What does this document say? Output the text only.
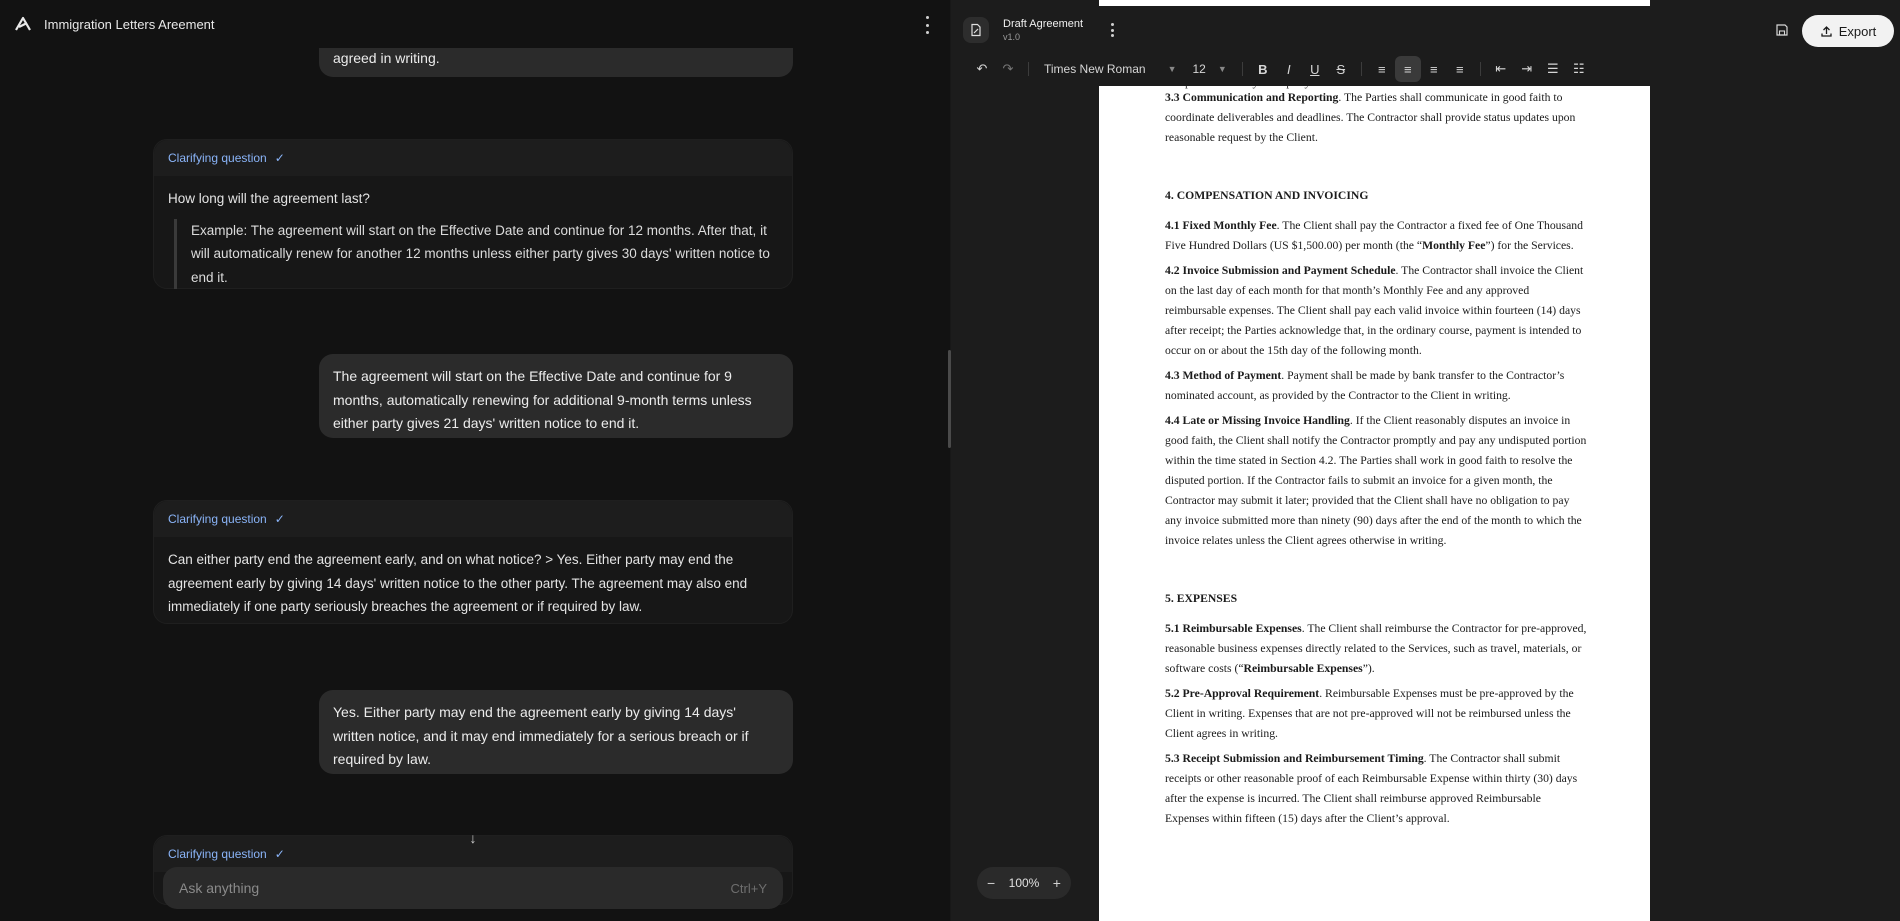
agreed in writing.
Immigration Letters Areement
Clarifying question ✓
How long will the agreement last?
Example: The agreement will start on the Effective Date and continue for 12 months. After that, it will automatically renew for another 12 months unless either party gives 30 days' written notice to end it.
The agreement will start on the Effective Date and continue for 9 months, automatically renewing for additional 9-month terms unless either party gives 21 days' written notice to end it.
Clarifying question ✓
Can either party end the agreement early, and on what notice? > Yes. Either party may end the agreement early by giving 14 days' written notice to the other party. The agreement may also end immediately if one party seriously breaches the agreement or if required by law.
Yes. Either party may end the agreement early by giving 14 days' written notice, and it may end immediately for a serious breach or if required by law.
Clarifying question ✓
↓
Ask anything
Ctrl+Y
3.3 Communication and Reporting. The Parties shall communicate in good faith to coordinate deliverables and deadlines. The Contractor shall provide status updates upon reasonable request by the Client.
4. COMPENSATION AND INVOICING
4.1 Fixed Monthly Fee. The Client shall pay the Contractor a fixed fee of One Thousand Five Hundred Dollars (US $1,500.00) per month (the “Monthly Fee”) for the Services.
4.2 Invoice Submission and Payment Schedule. The Contractor shall invoice the Client on the last day of each month for that month’s Monthly Fee and any approved reimbursable expenses. The Client shall pay each valid invoice within fourteen (14) days after receipt; the Parties acknowledge that, in the ordinary course, payment is intended to occur on or about the 15th day of the following month.
4.3 Method of Payment. Payment shall be made by bank transfer to the Contractor’s nominated account, as provided by the Contractor to the Client in writing.
4.4 Late or Missing Invoice Handling. If the Client reasonably disputes an invoice in good faith, the Client shall notify the Contractor promptly and pay any undisputed portion within the time stated in Section 4.2. The Parties shall work in good faith to resolve the disputed portion. If the Contractor fails to submit an invoice for a given month, the Contractor may submit it later; provided that the Client shall have no obligation to pay any invoice submitted more than ninety (90) days after the end of the month to which the invoice relates unless the Client agrees otherwise in writing.
5. EXPENSES
5.1 Reimbursable Expenses. The Client shall reimburse the Contractor for pre-approved, reasonable business expenses directly related to the Services, such as travel, materials, or software costs (“Reimbursable Expenses”).
5.2 Pre-Approval Requirement. Reimbursable Expenses must be pre-approved by the Client in writing. Expenses that are not pre-approved will not be reimbursed unless the Client agrees in writing.
5.3 Receipt Submission and Reimbursement Timing. The Contractor shall submit receipts or other reasonable proof of each Reimbursable Expense within thirty (30) days after the expense is incurred. The Client shall reimburse approved Reimbursable Expenses within fifteen (15) days after the Client’s approval.
Draft Agreement
v1.0	Export
↶	↷	Times New Roman ▼ 12 ▼	B	I	U	S	≡	≡	≡	≡	⇤	⇥	☰	☷
− 100% +
